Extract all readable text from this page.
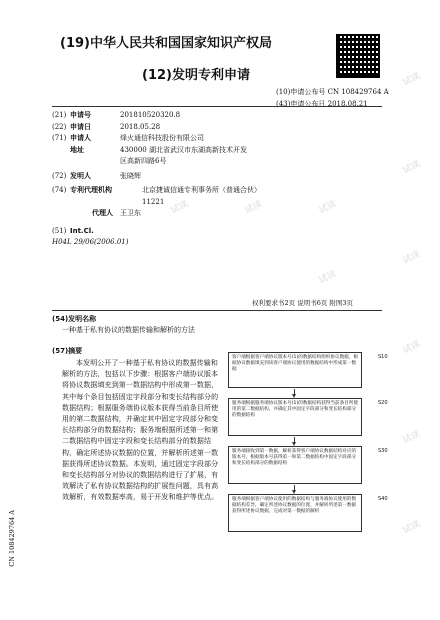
(19)中华人民共和国国家知识产权局
(12)发明专利申请
(10)申请公布号 CN 108429764 A
(43)申请公布日 2018.08.21
(21) 申请号	201810520320.8
(22) 申请日	2018.05.28
(71) 申请人	烽火通信科技股份有限公司
地址	430000 湖北省武汉市东湖高新技术开发区高新四路6号
(72) 发明人	张晓辉
(74) 专利代理机构	北京捷诚信通专利事务所（普通合伙）11221
代理人	王卫东
(51) Int.Cl.
H04L 29/06(2006.01)
权利要求书2页 说明书6页 附图3页
(54)发明名称
一种基于私有协议的数据传输和解析的方法
(57)摘要
本发明公开了一种基于私有协议的数据传输和解析的方法，包括以下步骤：根据客户端协议版本将协议数据填充到第一数据结构中形成第一数据，其中每个条目包括固定字段部分和变长结构部分的数据结构；根据服务端协议版本获得当前条目所使用的第二数据结构，并确定其中固定字段部分和变长结构部分的数据结构；服务端根据所述第一和第二数据结构中固定字段和变长结构部分的数据结构，确定所述协议数据的位置，并解析所述第一数据获得所述协议数据。本发明，通过固定字段部分和变长结构部分对协议的数据结构进行了扩展，有效解决了私有协议数据结构的扩展性问题，具有高效解析，有效数据率高，易于开发和维护等优点。
客户端根据客户端协议版本号(1)的数据结构组织协议数据，根据协议数据填充到该客户端协议使用的数据结构中形成第一数据
S10
服务端根据服务端协议版本号(1)的数据结构获得当前条目所使用的第二数据结构，并确定其中固定字段部分和变长结构部分的数据结构
S20
服务端接收到第一数据，解析获得客户端协议数据结构对应的版本号，根据版本号获得第一和第二数据结构中固定字段部分和变长结构部分的数据结构
S30
服务端根据客户端协议使用的数据结构与服务端协议使用的数据结构差异，确定所述协议数据的位置，并解析所述第一数据获得所述协议数据，完成对第一数据的解析
S40
CN 108429764 A
试读
试读
试读
试读
试读
试读
试读
试读
试读
试读
